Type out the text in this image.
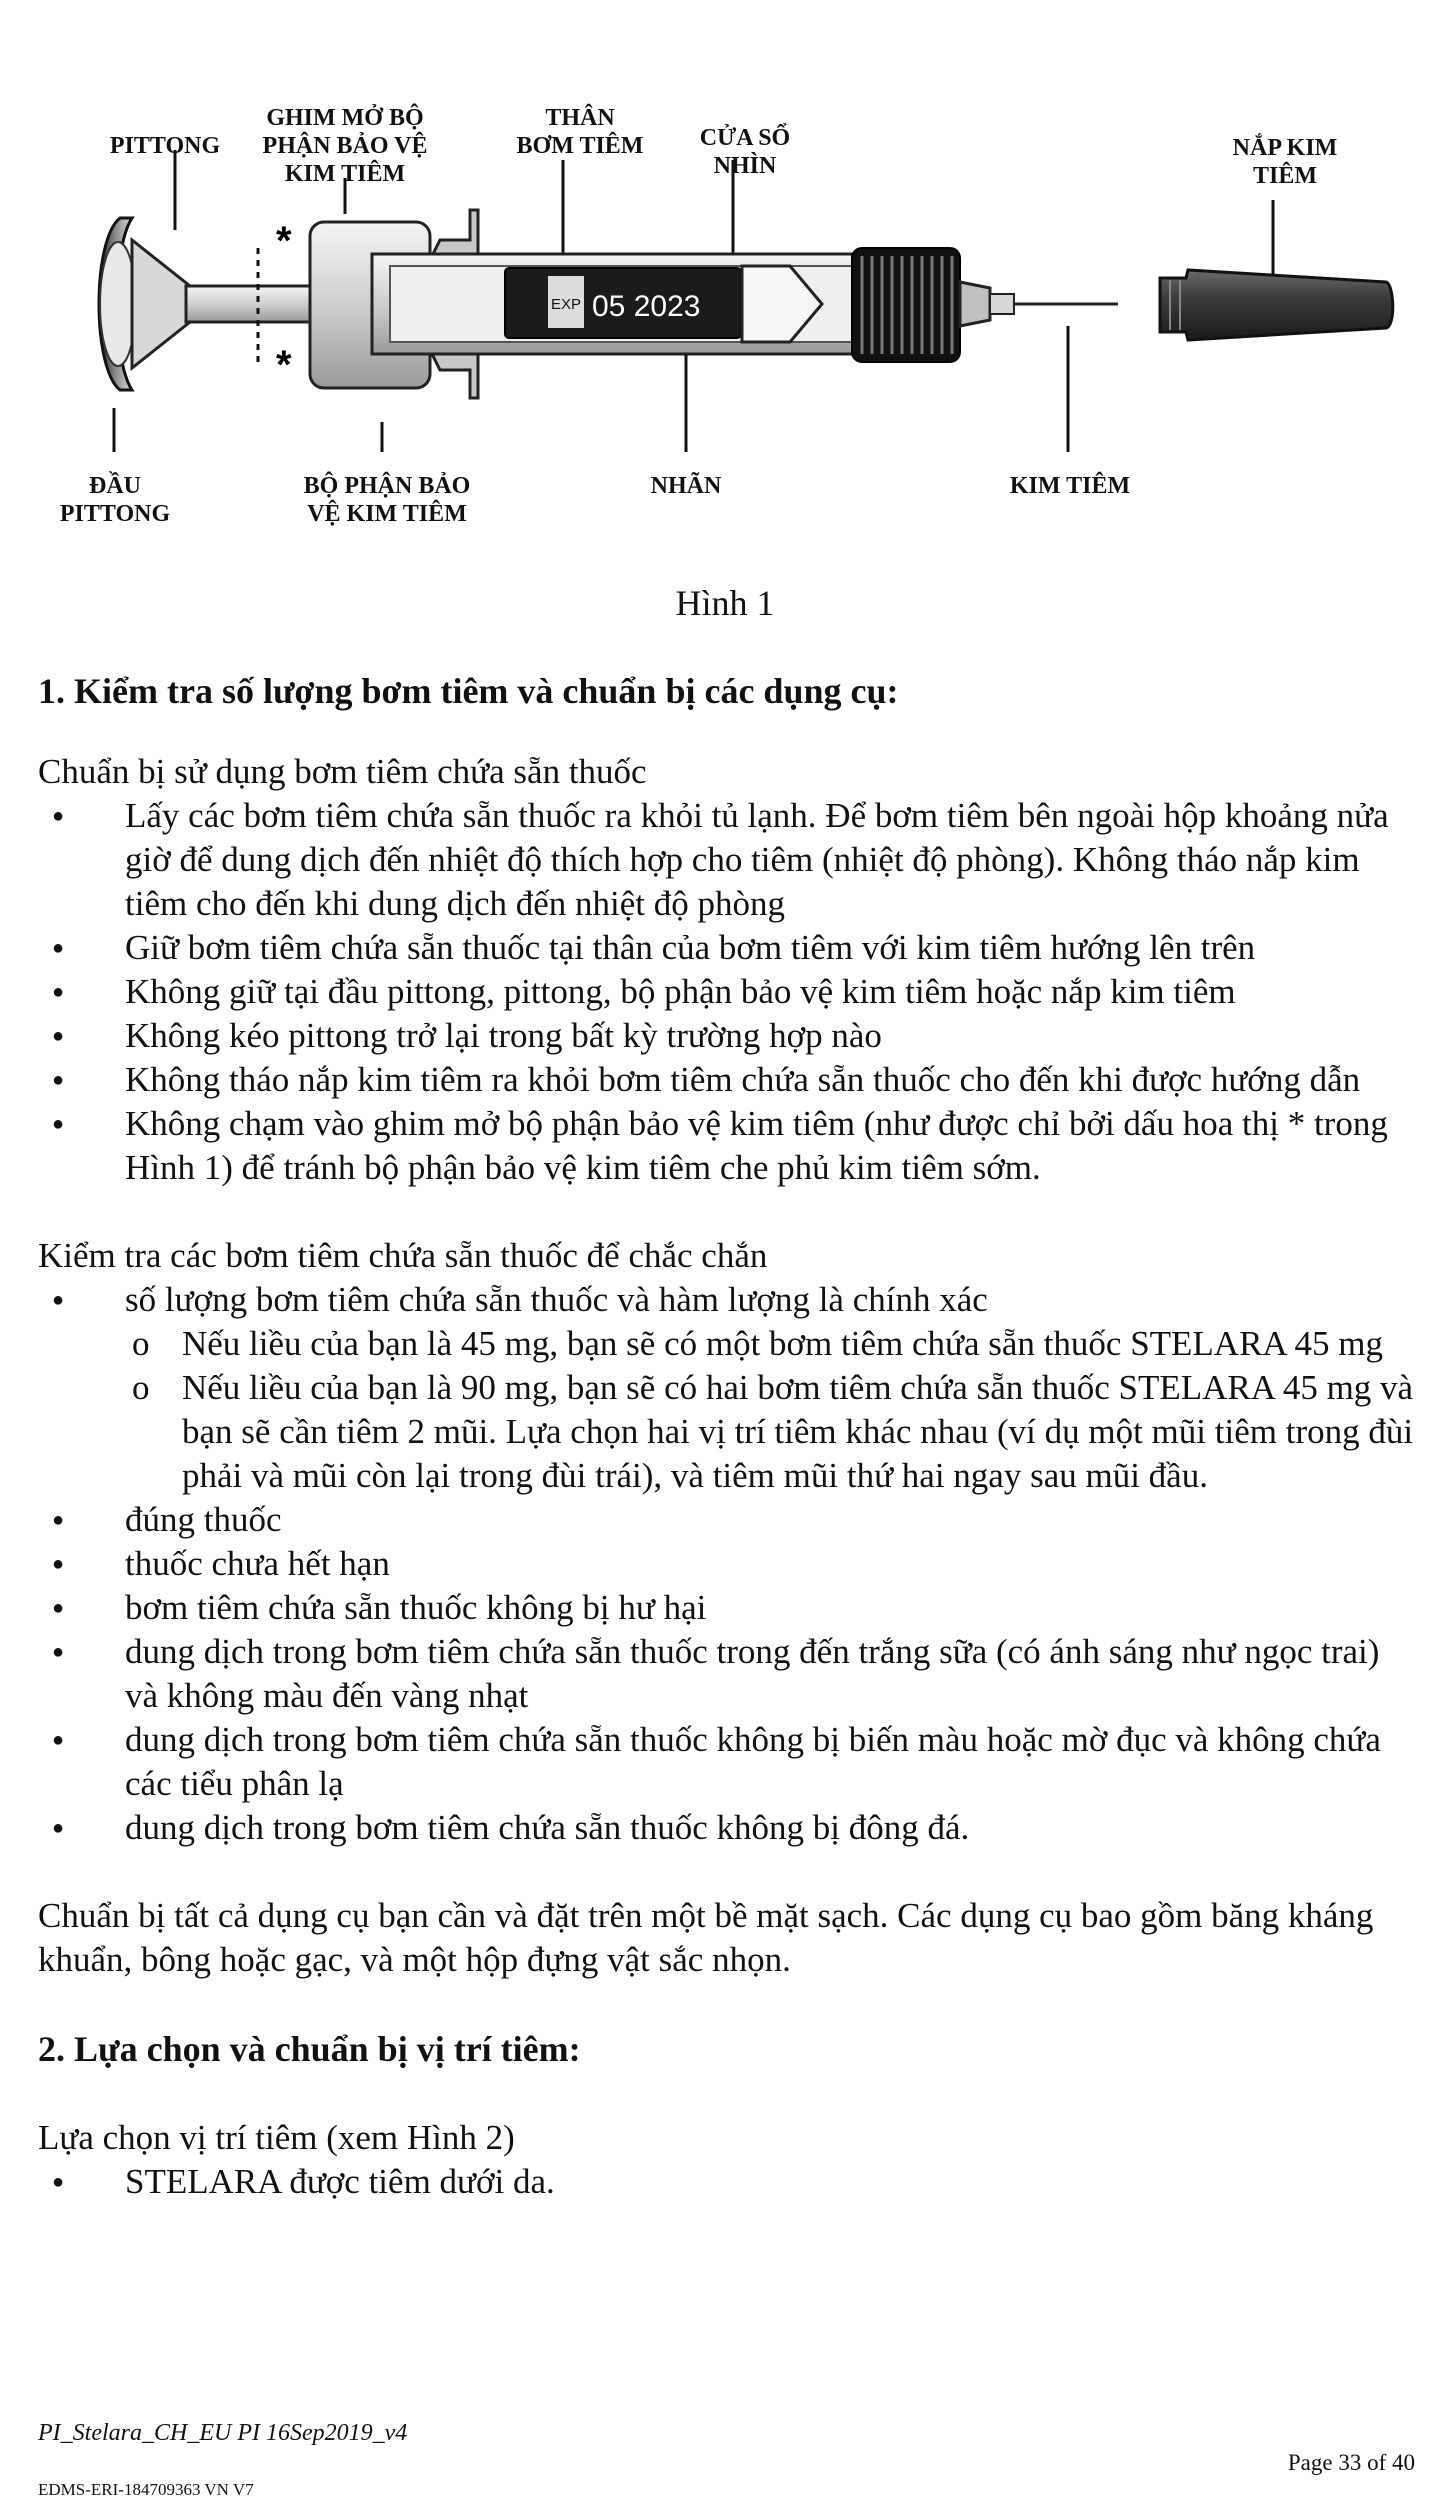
*
*
EXP 05 2023
PITTONG
GHIM MỞ BỘ
PHẬN BẢO VỆ
KIM TIÊM
THÂN
BƠM TIÊM	CỬA SỔ
NHÌN
NẮP KIM
TIÊM
ĐẦU
PITTONG
BỘ PHẬN BẢO
VỆ KIM TIÊM
NHÃN	KIM TIÊM
Hình 1
1. Kiểm tra số lượng bơm tiêm và chuẩn bị các dụng cụ:

Chuẩn bị sử dụng bơm tiêm chứa sẵn thuốc

● Lấy các bơm tiêm chứa sẵn thuốc ra khỏi tủ lạnh. Để bơm tiêm bên ngoài hộp khoảng nửa giờ để dung dịch đến nhiệt độ thích hợp cho tiêm (nhiệt độ phòng). Không tháo nắp kim tiêm cho đến khi dung dịch đến nhiệt độ phòng
● Giữ bơm tiêm chứa sẵn thuốc tại thân của bơm tiêm với kim tiêm hướng lên trên
● Không giữ tại đầu pittong, pittong, bộ phận bảo vệ kim tiêm hoặc nắp kim tiêm
● Không kéo pittong trở lại trong bất kỳ trường hợp nào
● Không tháo nắp kim tiêm ra khỏi bơm tiêm chứa sẵn thuốc cho đến khi được hướng dẫn
● Không chạm vào ghim mở bộ phận bảo vệ kim tiêm (như được chỉ bởi dấu hoa thị * trong Hình 1) để tránh bộ phận bảo vệ kim tiêm che phủ kim tiêm sớm.

Kiểm tra các bơm tiêm chứa sẵn thuốc để chắc chắn

● số lượng bơm tiêm chứa sẵn thuốc và hàm lượng là chính xác
o Nếu liều của bạn là 45 mg, bạn sẽ có một bơm tiêm chứa sẵn thuốc STELARA 45 mg
o Nếu liều của bạn là 90 mg, bạn sẽ có hai bơm tiêm chứa sẵn thuốc STELARA 45 mg và bạn sẽ cần tiêm 2 mũi. Lựa chọn hai vị trí tiêm khác nhau (ví dụ một mũi tiêm trong đùi phải và mũi còn lại trong đùi trái), và tiêm mũi thứ hai ngay sau mũi đầu.
● đúng thuốc
● thuốc chưa hết hạn
● bơm tiêm chứa sẵn thuốc không bị hư hại
● dung dịch trong bơm tiêm chứa sẵn thuốc trong đến trắng sữa (có ánh sáng như ngọc trai) và không màu đến vàng nhạt
● dung dịch trong bơm tiêm chứa sẵn thuốc không bị biến màu hoặc mờ đục và không chứa các tiểu phân lạ
● dung dịch trong bơm tiêm chứa sẵn thuốc không bị đông đá.

Chuẩn bị tất cả dụng cụ bạn cần và đặt trên một bề mặt sạch. Các dụng cụ bao gồm băng kháng khuẩn, bông hoặc gạc, và một hộp đựng vật sắc nhọn.

2. Lựa chọn và chuẩn bị vị trí tiêm:

Lựa chọn vị trí tiêm (xem Hình 2)

● STELARA được tiêm dưới da.
PI_Stelara_CH_EU PI 16Sep2019_v4
EDMS-ERI-184709363 VN V7
Page 33 of 40
